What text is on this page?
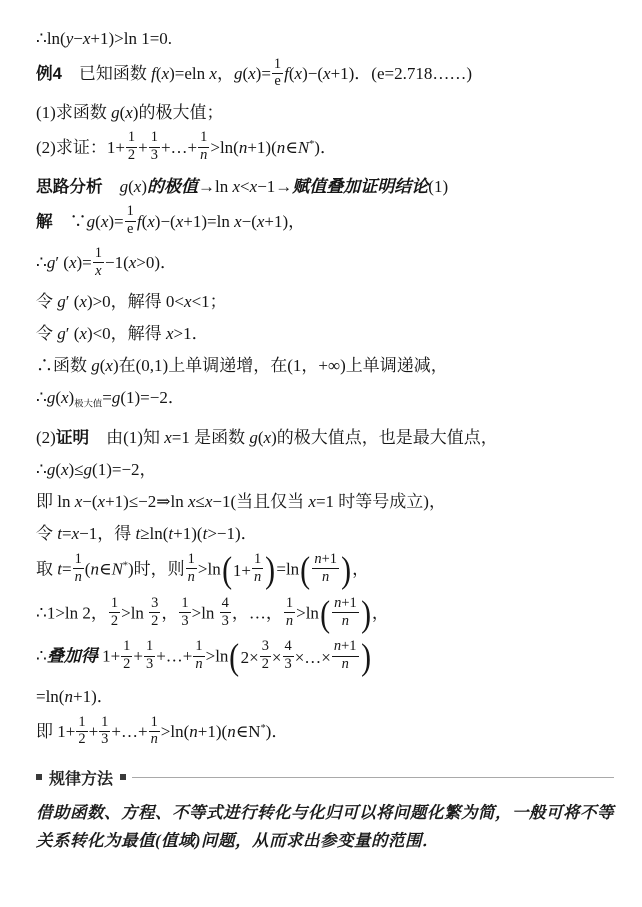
∴ln(y−x+1)>ln 1=0.
例4　已知函数 f(x)=eln x，$g(x)= \frac{1}{e} f(x)-(x+1)$．(e=2.718……)
(1)求函数 g(x)的极大值；
(2)求证：$1+ \frac{1}{2} + \frac{1}{3}$ +…+ $\frac{1}{n}$ >ln(n+1)(n∈N*)．
思路分析　 g(x)的极值→ln x<x−1→赋值叠加证明结论(1)
解　∵g(x)= $\frac{1}{e} f(x)-(x+1)=\ln$ x−(x+1)，
∴g′ $(x)= \frac{1}{x} -1(x>0)$．
令 g′ (x)>0，解得 0<x<1；
令 g′ (x)<0，解得 x>1．
∴函数 g(x)在(0,1)上单调递增，在(1，+∞)上单调递减，
$\therefore g(x)_{极大值}=g(1)=-2$．
(2)证明　由(1)知 x=1 是函数 g(x)的极大值点，也是最大值点，
∴g(x)≤g(1)=−2，
即 ln x−(x+1)≤−2⇒ln x≤x−1(当且仅当 x=1 时等号成立)，
令 t=x−1，得 t≥ln(t+1)(t>−1)．
取 $t= \frac{1}{n}$ (n∈N*)时，则 $\frac{1}{n} >\ln$ ( $1+ \frac{1}{n}$ ) =ln ( n+1
n ) ，
∴1>ln 2， $\frac{1}{2} >\ln \frac{3}{2}$ ， $\frac{1}{3} >\ln \frac{4}{3}$ ，…， $\frac{1}{n} >\ln$ ( n+1
n ) ，
∴叠加得 $1+ \frac{1}{2} + \frac{1}{3}$ +…+ $\frac{1}{n} >\ln$ ( $2\times \frac{3}{2} \times \frac{4}{3}$ ×…× $\frac{n+1}{n}$ )
=ln(n+1)．
即 $1+ \frac{1}{2} + \frac{1}{3}$ +…+ $\frac{1}{n}$ >ln(n+1)(n∈N*)．
规律方法
借助函数、方程、不等式进行转化与化归可以将问题化繁为简，一般可将不等关系转化为最值(值域)问题，从而求出参变量的范围．
